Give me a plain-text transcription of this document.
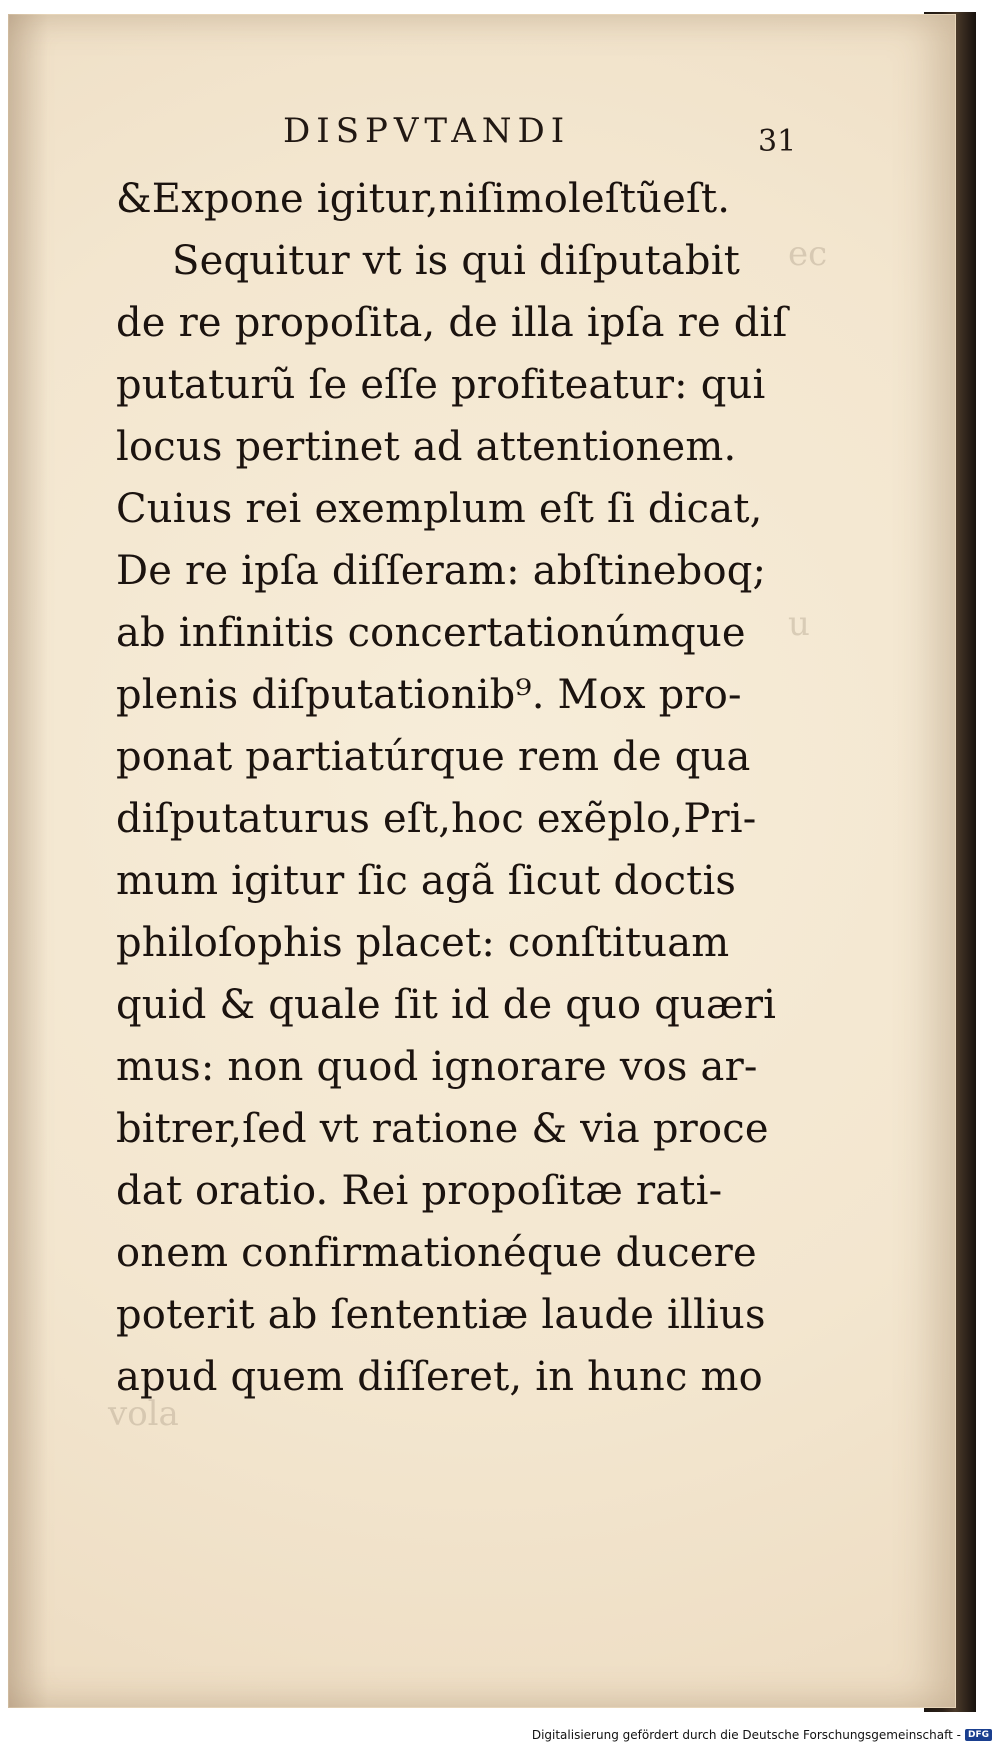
DISPVTANDI	31
ec
u
vola
&Expone igitur,niſimoleſtũeſt.
Sequitur vt is qui diſputabit
de re propoſita, de illa ipſa re diſ
putaturũ ſe eſſe profiteatur: qui
locus pertinet ad attentionem.
Cuius rei exemplum eſt ſi dicat,
De re ipſa diſſeram: abſtineboq;
ab infinitis concertationúmque
plenis diſputationib⁹. Mox pro-
ponat partiatúrque rem de qua
diſputaturus eſt,hoc exẽplo,Pri-
mum igitur ſic agã ſicut doctis
philoſophis placet: conſtituam
quid & quale ſit id de quo quæri
mus: non quod ignorare vos ar-
bitrer,ſed vt ratione & via proce
dat oratio. Rei propoſitæ rati-
onem confirmationéque ducere
poterit ab ſententiæ laude illius
apud quem diſſeret, in hunc mo
Digitalisierung gefördert durch die Deutsche Forschungsgemeinschaft - DFG
